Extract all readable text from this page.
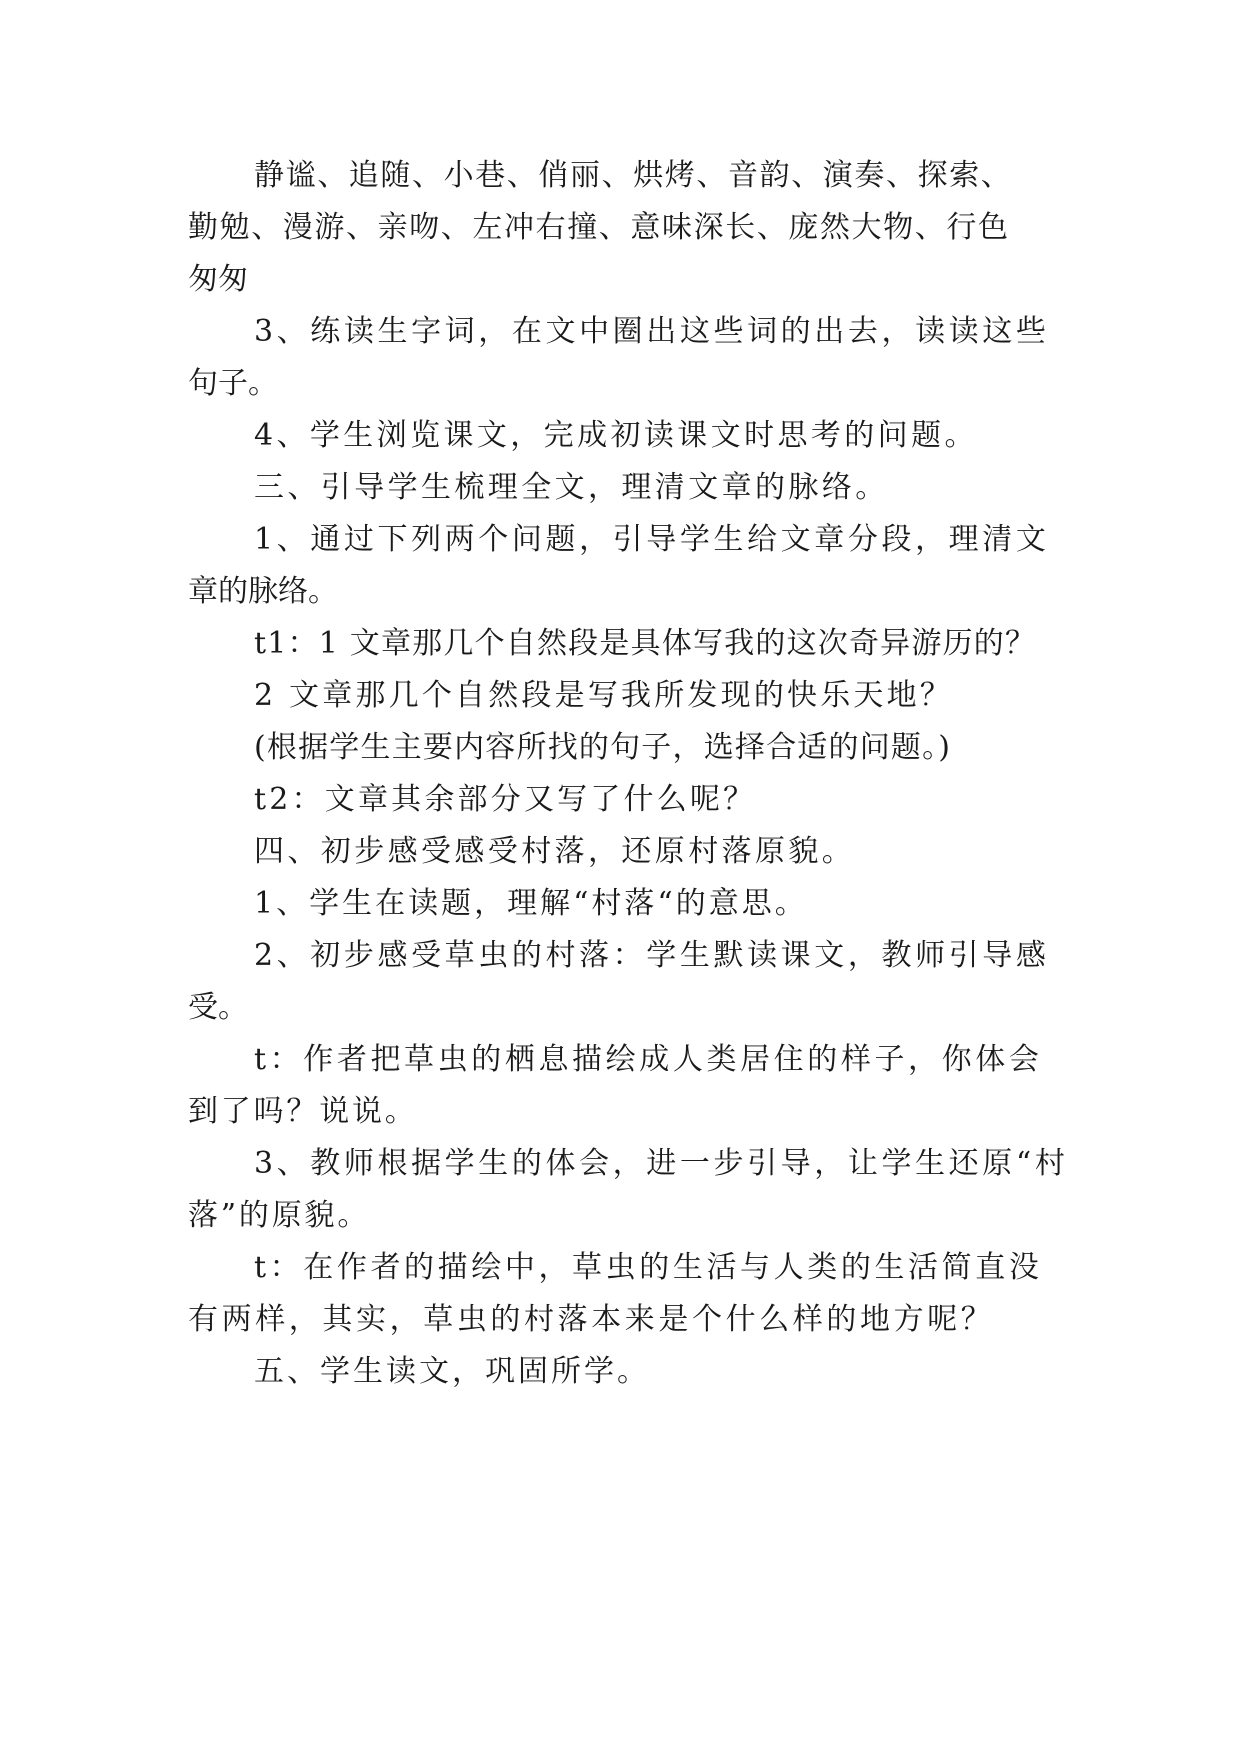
静谧、追随、小巷、俏丽、烘烤、音韵、演奏、探索、
勤勉、漫游、亲吻、左冲右撞、意味深长、庞然大物、行色
匆匆
3、练读生字词，在文中圈出这些词的出去，读读这些
句子。
4、学生浏览课文，完成初读课文时思考的问题。
三、引导学生梳理全文，理清文章的脉络。
1、通过下列两个问题，引导学生给文章分段，理清文
章的脉络。
t1：1 文章那几个自然段是具体写我的这次奇异游历的？
2 文章那几个自然段是写我所发现的快乐天地？
(根据学生主要内容所找的句子，选择合适的问题。)
t2：文章其余部分又写了什么呢？
四、初步感受感受村落，还原村落原貌。
1、学生在读题，理解“村落“的意思。
2、初步感受草虫的村落：学生默读课文，教师引导感
受。
t：作者把草虫的栖息描绘成人类居住的样子，你体会
到了吗？说说。
3、教师根据学生的体会，进一步引导，让学生还原“村
落”的原貌。
t：在作者的描绘中，草虫的生活与人类的生活简直没
有两样，其实，草虫的村落本来是个什么样的地方呢？
五、学生读文，巩固所学。
